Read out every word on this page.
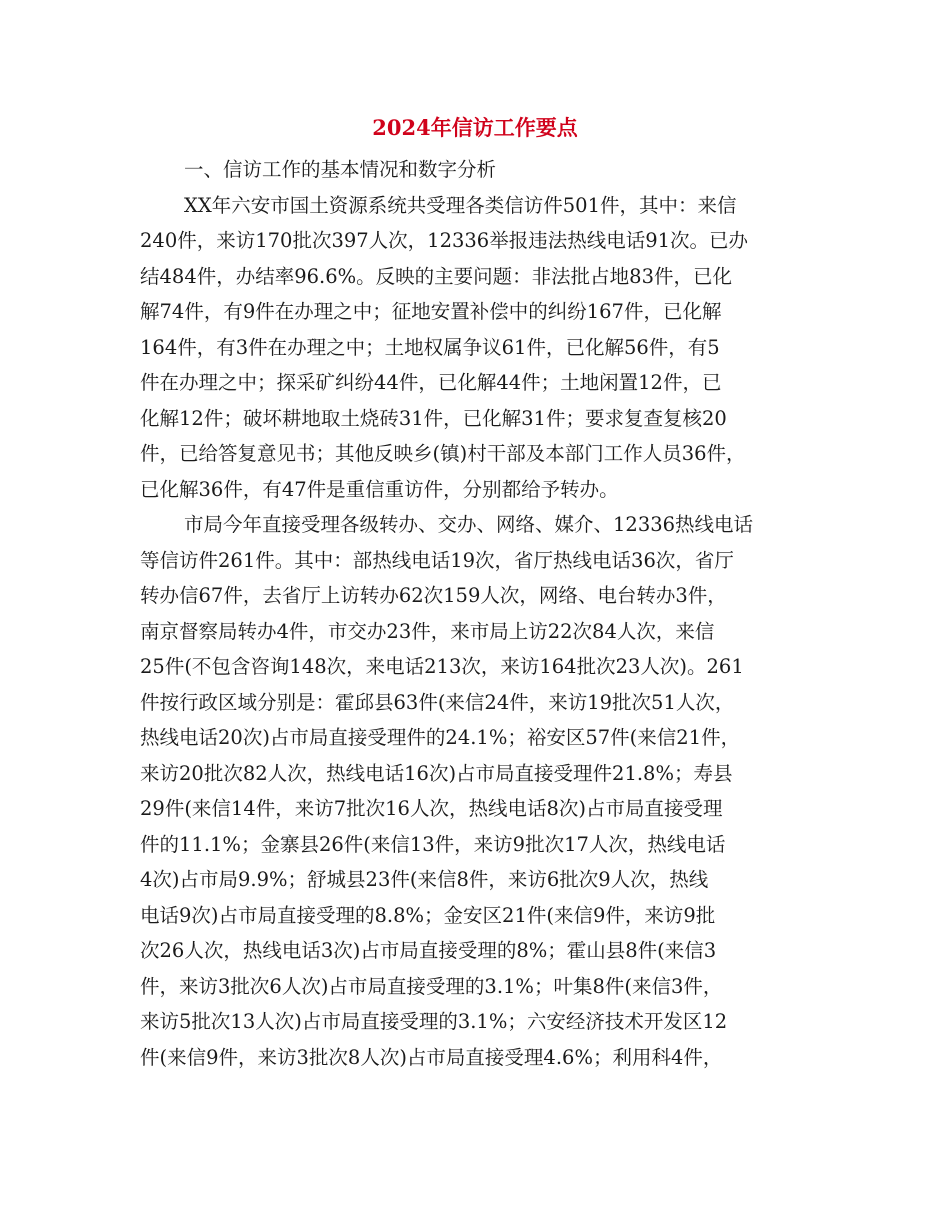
2024年信访工作要点

一、信访工作的基本情况和数字分析

XX年六安市国土资源系统共受理各类信访件501件，其中：来信
240件，来访170批次397人次，12336举报违法热线电话91次。已办
结484件，办结率96.6%。反映的主要问题：非法批占地83件，已化
解74件，有9件在办理之中；征地安置补偿中的纠纷167件，已化解
164件，有3件在办理之中；土地权属争议61件，已化解56件，有5
件在办理之中；探采矿纠纷44件，已化解44件；土地闲置12件，已
化解12件；破坏耕地取土烧砖31件，已化解31件；要求复查复核20
件，已给答复意见书；其他反映乡(镇)村干部及本部门工作人员36件，
已化解36件，有47件是重信重访件，分别都给予转办。

市局今年直接受理各级转办、交办、网络、媒介、12336热线电话
等信访件261件。其中：部热线电话19次，省厅热线电话36次，省厅
转办信67件，去省厅上访转办62次159人次，网络、电台转办3件，
南京督察局转办4件，市交办23件，来市局上访22次84人次，来信
25件(不包含咨询148次，来电话213次，来访164批次23人次)。261
件按行政区域分别是：霍邱县63件(来信24件，来访19批次51人次，
热线电话20次)占市局直接受理件的24.1%；裕安区57件(来信21件，
来访20批次82人次，热线电话16次)占市局直接受理件21.8%；寿县
29件(来信14件，来访7批次16人次，热线电话8次)占市局直接受理
件的11.1%；金寨县26件(来信13件，来访9批次17人次，热线电话
4次)占市局9.9%；舒城县23件(来信8件，来访6批次9人次，热线
电话9次)占市局直接受理的8.8%；金安区21件(来信9件，来访9批
次26人次，热线电话3次)占市局直接受理的8%；霍山县8件(来信3
件，来访3批次6人次)占市局直接受理的3.1%；叶集8件(来信3件，
来访5批次13人次)占市局直接受理的3.1%；六安经济技术开发区12
件(来信9件，来访3批次8人次)占市局直接受理4.6%；利用科4件，
